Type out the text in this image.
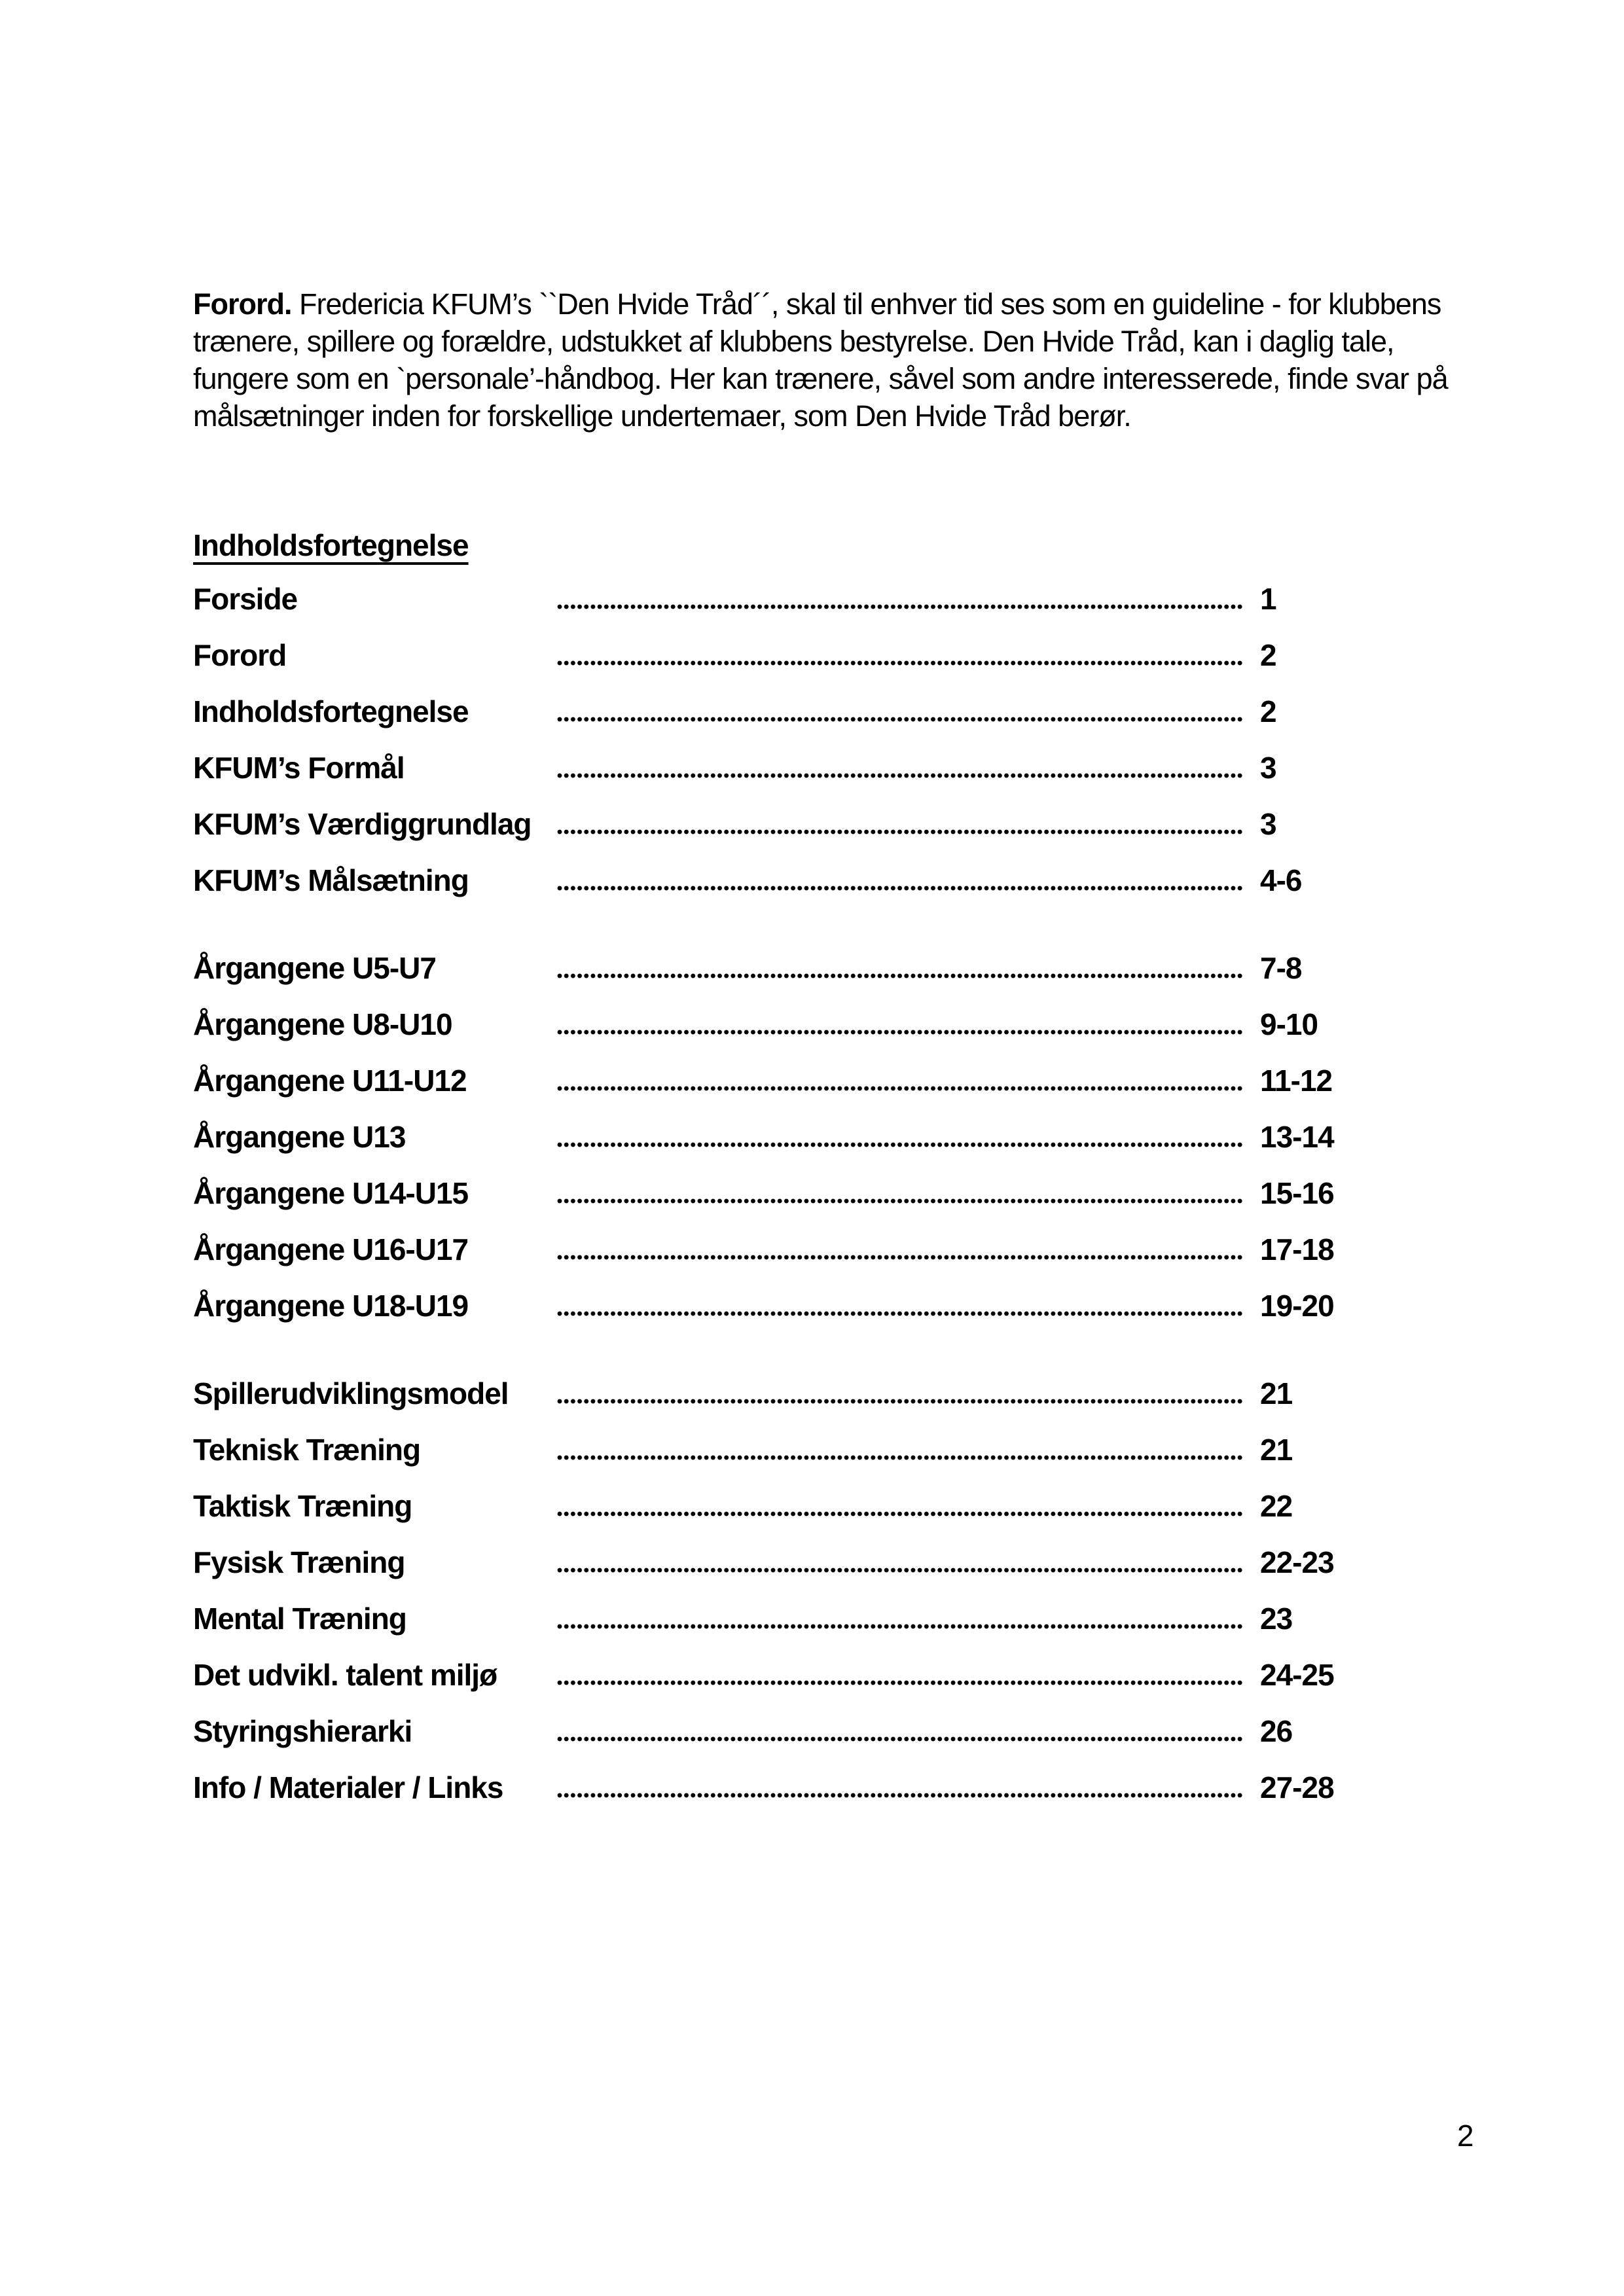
Forord. Fredericia KFUM’s ``Den Hvide Tråd´´, skal til enhver tid ses som en guideline - for klubbens
trænere, spillere og forældre, udstukket af klubbens bestyrelse. Den Hvide Tråd, kan i daglig tale,
fungere som en `personale’-håndbog. Her kan trænere, såvel som andre interesserede, finde svar på
målsætninger inden for forskellige undertemaer, som Den Hvide Tråd berør.

Indholdsfortegnelse
Forside	1
Forord	2
Indholdsfortegnelse	2
KFUM’s Formål	3
KFUM’s Værdiggrundlag	3
KFUM’s Målsætning	4-6
Årgangene U5-U7	7-8
Årgangene U8-U10	9-10
Årgangene U11-U12	11-12
Årgangene U13	13-14
Årgangene U14-U15	15-16
Årgangene U16-U17	17-18
Årgangene U18-U19	19-20
Spillerudviklingsmodel	21
Teknisk Træning	21
Taktisk Træning	22
Fysisk Træning	22-23
Mental Træning	23
Det udvikl. talent miljø	24-25
Styringshierarki	26
Info / Materialer / Links	27-28
2
